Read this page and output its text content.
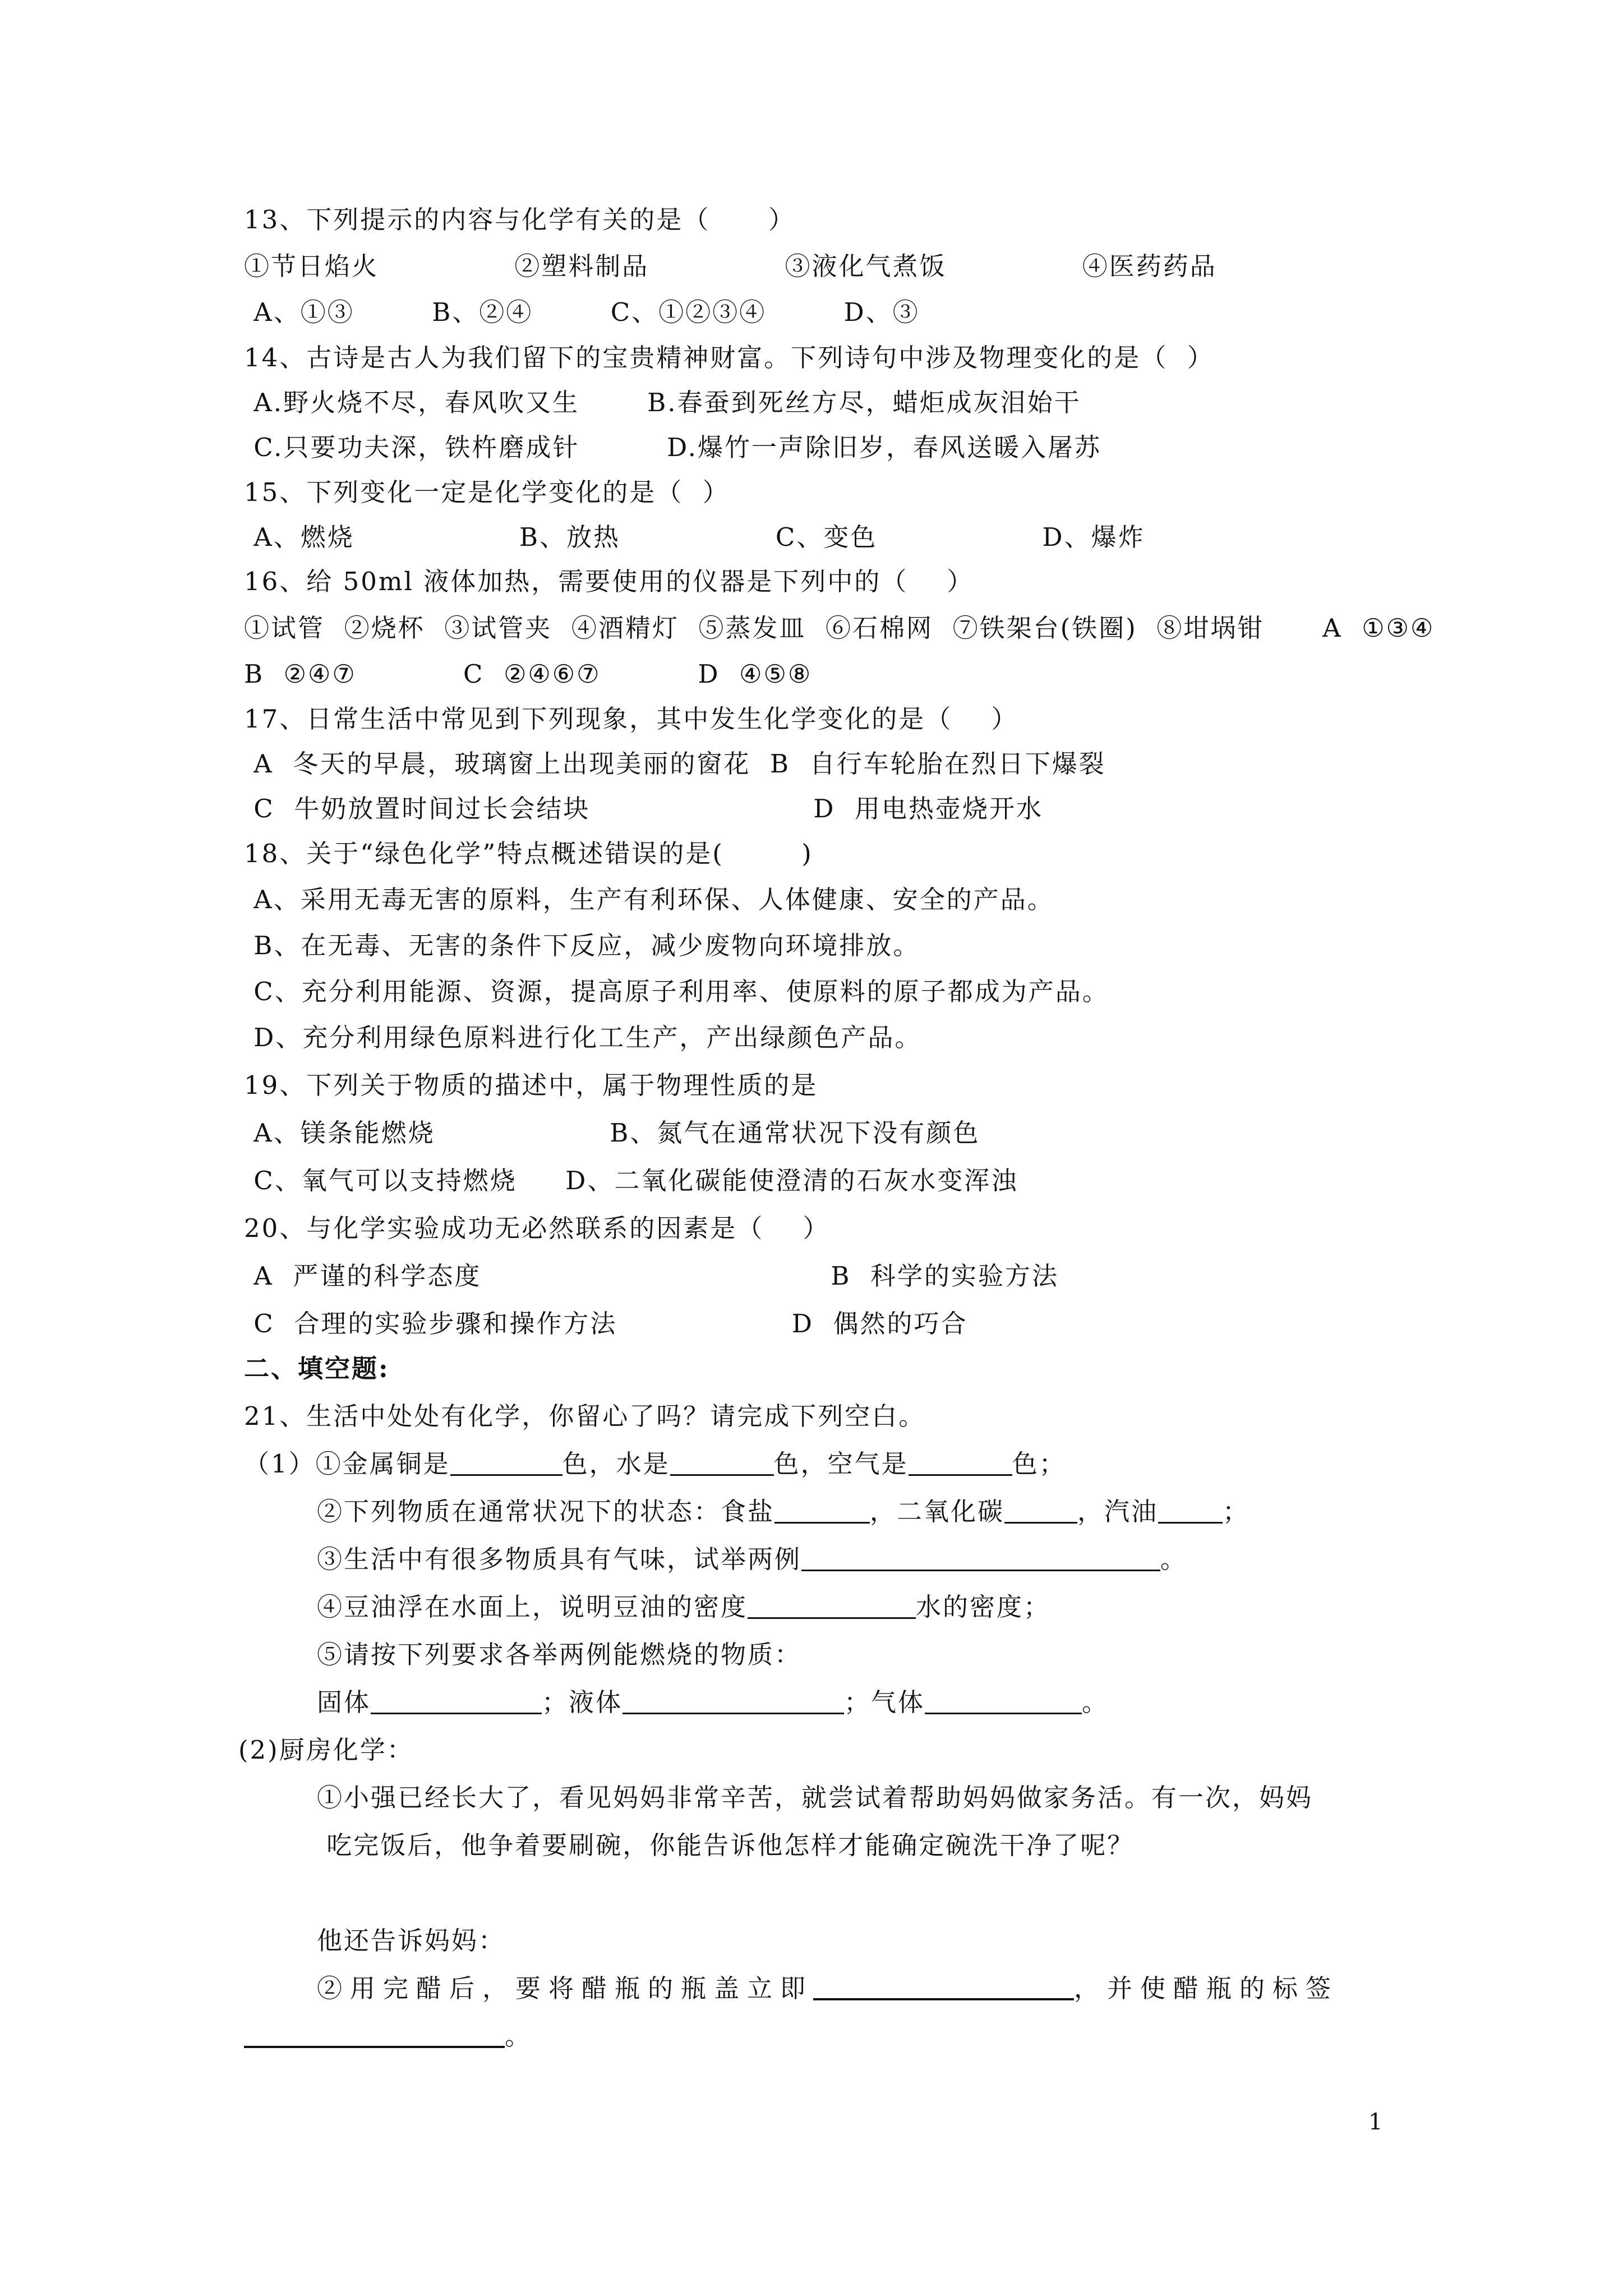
13、下列提示的内容与化学有关的是（      ）
①节日焰火              ②塑料制品              ③液化气煮饭              ④医药药品
A、①③        B、②④        C、①②③④        D、③
14、古诗是古人为我们留下的宝贵精神财富。下列诗句中涉及物理变化的是（  ）
A.野火烧不尽，春风吹又生       B.春蚕到死丝方尽，蜡炬成灰泪始干
C.只要功夫深，铁杵磨成针         D.爆竹一声除旧岁，春风送暖入屠苏
15、下列变化一定是化学变化的是（  ）
A、燃烧                 B、放热                C、变色                 D、爆炸
16、给 50ml 液体加热，需要使用的仪器是下列中的（    ）
①试管  ②烧杯  ③试管夹  ④酒精灯  ⑤蒸发皿  ⑥石棉网  ⑦铁架台(铁圈)  ⑧坩埚钳      A  ①③④
B  ②④⑦           C  ②④⑥⑦          D  ④⑤⑧
17、日常生活中常见到下列现象，其中发生化学变化的是（    ）
A  冬天的早晨，玻璃窗上出现美丽的窗花  B  自行车轮胎在烈日下爆裂
C  牛奶放置时间过长会结块                       D  用电热壶烧开水
18、关于“绿色化学”特点概述错误的是(        )
A、采用无毒无害的原料，生产有利环保、人体健康、安全的产品。
B、在无毒、无害的条件下反应，减少废物向环境排放。
C、充分利用能源、资源，提高原子利用率、使原料的原子都成为产品。
D、充分利用绿色原料进行化工生产，产出绿颜色产品。
19、下列关于物质的描述中，属于物理性质的是
A、镁条能燃烧                  B、氮气在通常状况下没有颜色
C、氧气可以支持燃烧     D、二氧化碳能使澄清的石灰水变浑浊
20、与化学实验成功无必然联系的因素是（    ）
A  严谨的科学态度                                    B  科学的实验方法
C  合理的实验步骤和操作方法                  D  偶然的巧合
二、填空题:
21、生活中处处有化学，你留心了吗？请完成下列空白。
（1）①金属铜是	色，水是	色，空气是	色；
②下列物质在通常状况下的状态：食盐	，二氧化碳	，汽油	；
③生活中有很多物质具有气味，试举两例	。
④豆油浮在水面上，说明豆油的密度	水的密度；
⑤请按下列要求各举两例能燃烧的物质：
固体	；液体	；气体	。
(2)厨房化学：
①小强已经长大了，看见妈妈非常辛苦，就尝试着帮助妈妈做家务活。有一次，妈妈
吃完饭后，他争着要刷碗，你能告诉他怎样才能确定碗洗干净了呢？
他还告诉妈妈：
②用完醋后，要将醋瓶的瓶盖立即	，并使醋瓶的标签
。
1
